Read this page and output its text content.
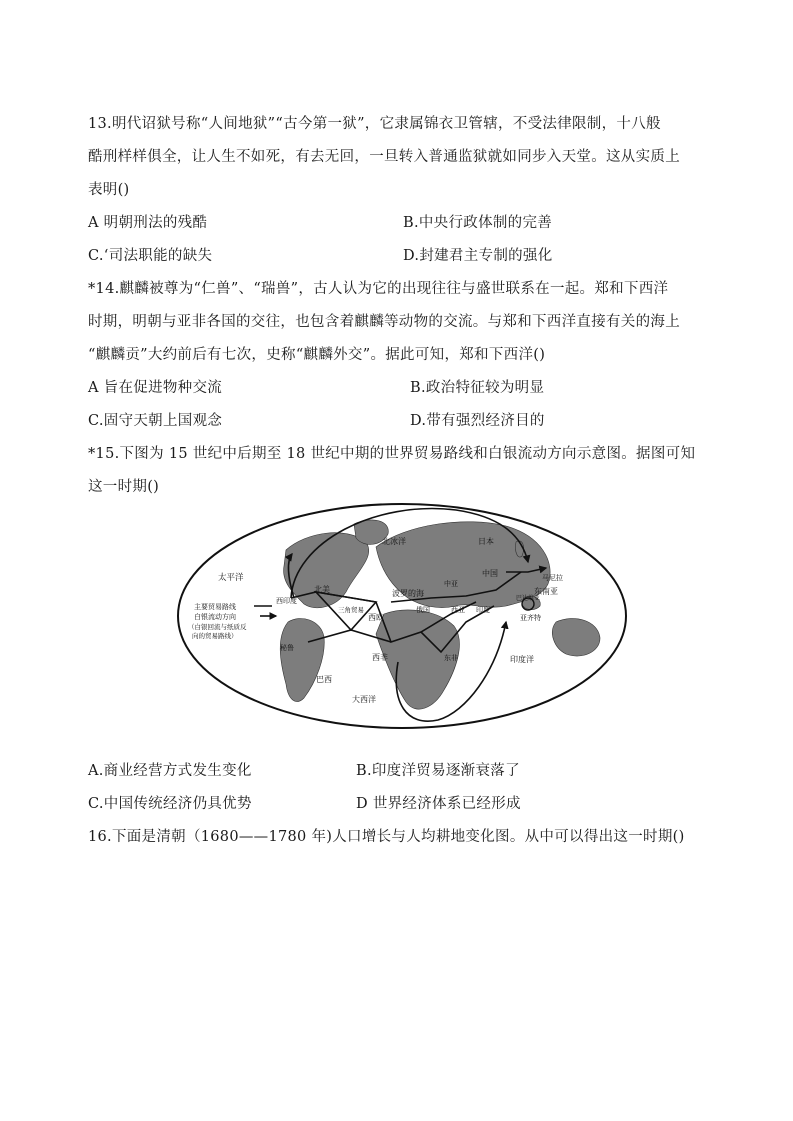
13.明代诏狱号称“人间地狱”“古今第一狱”，它隶属锦衣卫管辖，不受法律限制，十八般
酷刑样样俱全，让人生不如死，有去无回，一旦转入普通监狱就如同步入天堂。这从实质上
表明()
A 明朝刑法的残酷	B.中央行政体制的完善
C.‘司法职能的缺失	D.封建君主专制的强化
*14.麒麟被尊为“仁兽”、“瑞兽”，古人认为它的出现往往与盛世联系在一起。郑和下西洋
时期，明朝与亚非各国的交往，也包含着麒麟等动物的交流。与郑和下西洋直接有关的海上
“麒麟贡”大约前后有七次，史称“麒麟外交”。据此可知，郑和下西洋()
A 旨在促进物种交流	B.政治特征较为明显
C.固守天朝上国观念	D.带有强烈经济目的
*15.下图为 15 世纪中后期至 18 世纪中期的世界贸易路线和白银流动方向示意图。据图可知
这一时期()
主要贸易路线
白银流动方向
（白银回流与纸质反
向的贸易路线）
太平洋
北冰洋	日本
北美
西印度
三角贸易
波罗的海
西欧
俄国
中亚
西亚
中国	马尼拉
东南亚
印度
巴达维亚
亚齐特
秘鲁
巴西
西非	东非
大西洋
印度洋
A.商业经营方式发生变化	B.印度洋贸易逐渐衰落了
C.中国传统经济仍具优势	D 世界经济体系已经形成
16.下面是清朝（1680——1780 年)人口增长与人均耕地变化图。从中可以得出这一时期()
